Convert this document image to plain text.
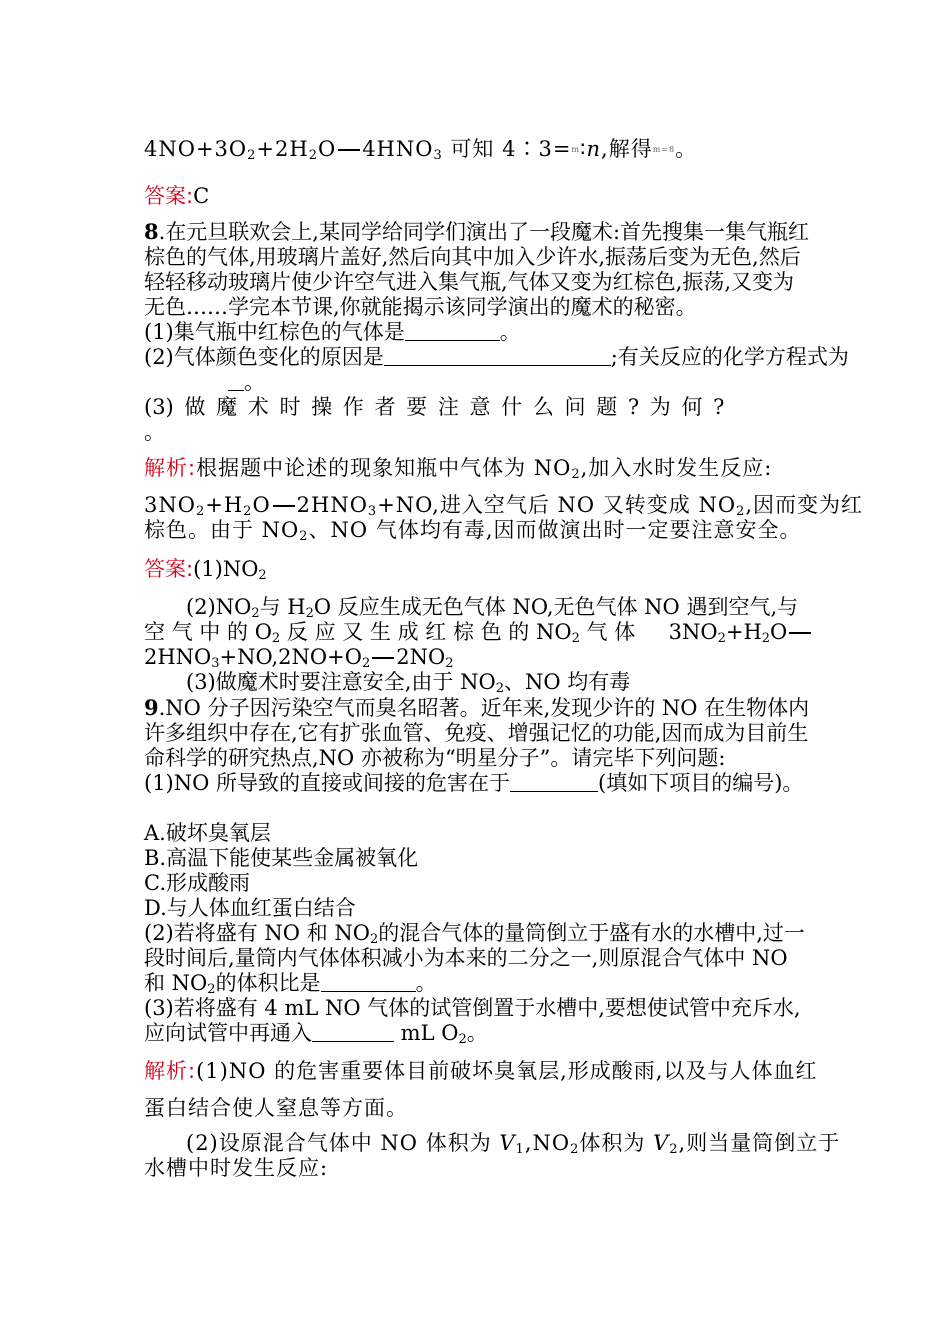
$4NO+3O_2+2H_2O$ $4HNO_3$ 可知 4∶3=m∶n,解得m=8。
答案:C
8.在元旦联欢会上,某同学给同学们演出了一段魔术:首先搜集一集气瓶红棕色的气体,用玻璃片盖好,然后向其中加入少许水,振荡后变为无色,然后轻轻移动玻璃片使少许空气进入集气瓶,气体又变为红棕色,振荡,又变为无色……学完本节课,你就能揭示该同学演出的魔术的秘密。
(1)集气瓶中红棕色的气体是	。
(2)气体颜色变化的原因是	;有关反应的化学方程式为
。
(3) 做 魔 术 时 操 作 者 要 注 意 什 么 问 题 ? 为 何 ?
。
解析:根据题中论述的现象知瓶中气体为 $NO_2$,加入水时发生反应:
$3NO_2+H_2O$ $2HNO_3+NO$,进入空气后 NO 又转变成 $NO_2$,因而变为红
棕色。由于 $NO_2$、NO 气体均有毒,因而做演出时一定要注意安全。
答案$:(1)NO_2$
$(2)NO_2$与 $H_2O$ 反应生成无色气体 NO,无色气体 NO 遇到空气,与
空 气 中 的 $O_2$ 反 应 又 生 成 红 棕 色 的 $NO_2$ 气 体 $3NO_2+H_2O$
$2HNO_3+NO,2NO+O_2$ $2NO_2$
(3)做魔术时要注意安全,由于 $NO_2$、NO 均有毒
9.NO 分子因污染空气而臭名昭著。近年来,发现少许的 NO 在生物体内许多组织中存在,它有扩张血管、免疫、增强记忆的功能,因而成为目前生命科学的研究热点,NO 亦被称为“明星分子”。请完毕下列问题:
(1)NO 所导致的直接或间接的危害在于	(填如下项目的编号)。
A.破坏臭氧层
B.高温下能使某些金属被氧化
C.形成酸雨
D.与人体血红蛋白结合
(2)若将盛有 NO 和 $NO_2$的混合气体的量筒倒立于盛有水的水槽中,过一段时间后,量筒内气体体积减小为本来的二分之一,则原混合气体中 NO 和 $NO_2$的体积比是	。
(3)若将盛有 4 mL NO 气体的试管倒置于水槽中,要想使试管中充斥水,应向试管中再通入	mL $O_2$。
解析:(1)NO 的危害重要体目前破坏臭氧层,形成酸雨,以及与人体血红
蛋白结合使人窒息等方面。
(2)设原混合气体中 NO 体积为 $V_1,NO_2$体积为 $V_2$,则当量筒倒立于
水槽中时发生反应:
